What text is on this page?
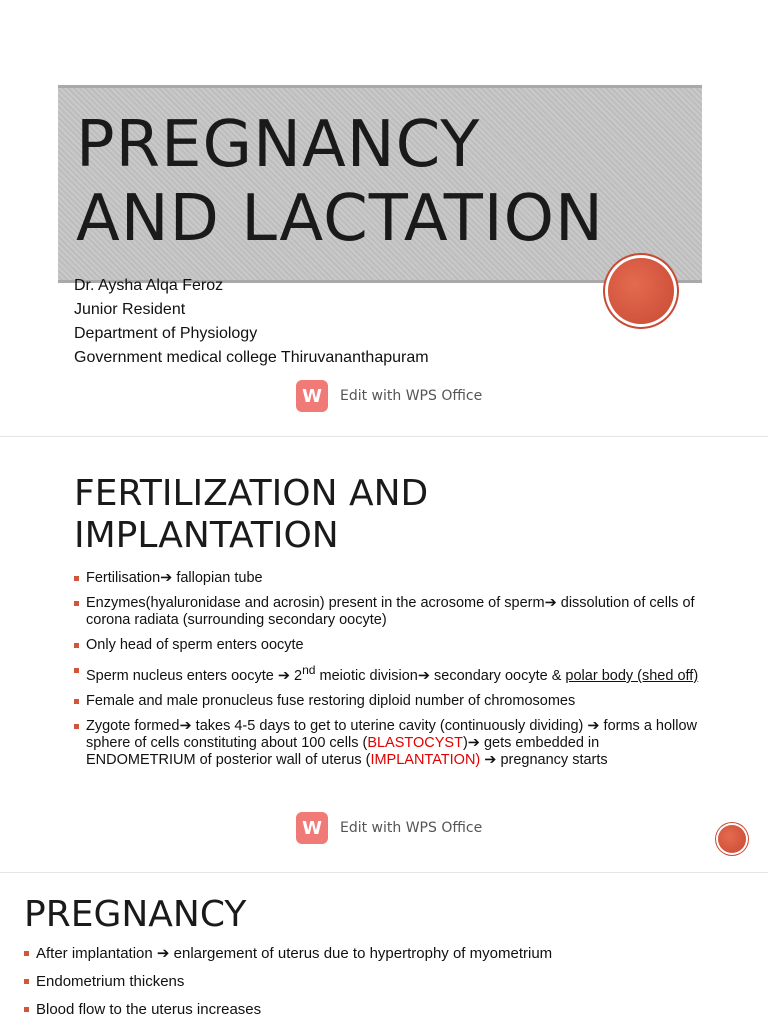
PREGNANCY
AND LACTATION
Dr. Aysha Alqa Feroz
Junior Resident
Department of Physiology
Government medical college Thiruvananthapuram
W	Edit with WPS Office
FERTILIZATION AND
IMPLANTATION
Fertilisation➔ fallopian tube
Enzymes(hyaluronidase and acrosin) present in the acrosome of sperm➔ dissolution of cells of corona radiata (surrounding secondary oocyte)
Only head of sperm enters oocyte
Sperm nucleus enters oocyte ➔ 2nd meiotic division➔ secondary oocyte & polar body (shed off)
Female and male pronucleus fuse restoring diploid number of chromosomes
Zygote formed➔ takes 4-5 days to get to uterine cavity (continuously dividing) ➔ forms a hollow sphere of cells constituting about 100 cells (BLASTOCYST)➔ gets embedded in ENDOMETRIUM of posterior wall of uterus (IMPLANTATION) ➔ pregnancy starts
W	Edit with WPS Office
PREGNANCY
After implantation ➔ enlargement of uterus due to hypertrophy of myometrium
Endometrium thickens
Blood flow to the uterus increases
